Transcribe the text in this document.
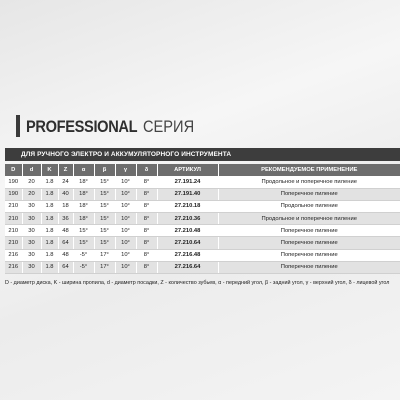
PROFESSIONAL СЕРИЯ
ДЛЯ РУЧНОГО ЭЛЕКТРО И АККУМУЛЯТОРНОГО ИНСТРУМЕНТА
D	d	K	Z	α	β	γ	δ	АРТИКУЛ	РЕКОМЕНДУЕМОЕ ПРИМЕНЕНИЕ
190	20	1.8	24	18°	15°	10°	8°	27.191.24	Продольное и поперечное пиление
190	20	1.8	40	18°	15°	10°	8°	27.191.40	Поперечное пиление
210	30	1.8	18	18°	15°	10°	8°	27.210.18	Продольное пиление
210	30	1.8	36	18°	15°	10°	8°	27.210.36	Продольное и поперечное пиление
210	30	1.8	48	15°	15°	10°	8°	27.210.48	Поперечное пиление
210	30	1.8	64	15°	15°	10°	8°	27.210.64	Поперечное пиление
216	30	1.8	48	-5°	17°	10°	8°	27.216.48	Поперечное пиление
216	30	1.8	64	-5°	17°	10°	8°	27.216.64	Поперечное пиление
D - диаметр диска, K - ширина пропила, d - диаметр посадки, Z - количество зубьев, α - передний угол, β - задний угол, γ - верхний угол, δ - лицевой угол
